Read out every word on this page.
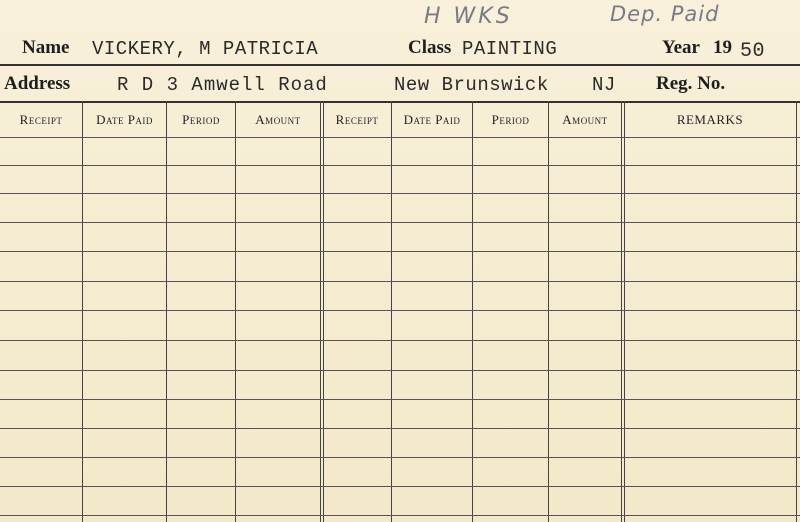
H WKS	Dep. Paid
Name VICKERY, M PATRICIA	Class PAINTING	Year 19 50
Address R D 3 Amwell Road	New Brunswick NJ Reg. No.
Receipt	Date Paid	Period	Amount	Receipt	Date Paid	Period	Amount	REMARKS
